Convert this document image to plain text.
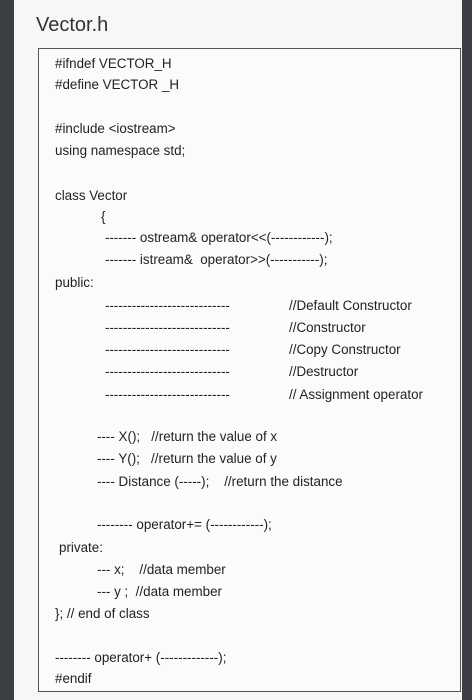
Vector.h
#ifndef VECTOR_H
#define VECTOR _H
#include <iostream>
using namespace std;
class Vector
{
------- ostream& operator<<(------------);
------- istream&  operator>>(-----------);
public:
----------------------------	//Default Constructor
----------------------------	//Constructor
----------------------------	//Copy Constructor
----------------------------	//Destructor
----------------------------	// Assignment operator
---- X();   //return the value of x
---- Y();   //return the value of y
---- Distance (-----);    //return the distance
-------- operator+= (------------);
private:
--- x;    //data member
--- y ;  //data member
}; // end of class
-------- operator+ (-------------);
#endif
